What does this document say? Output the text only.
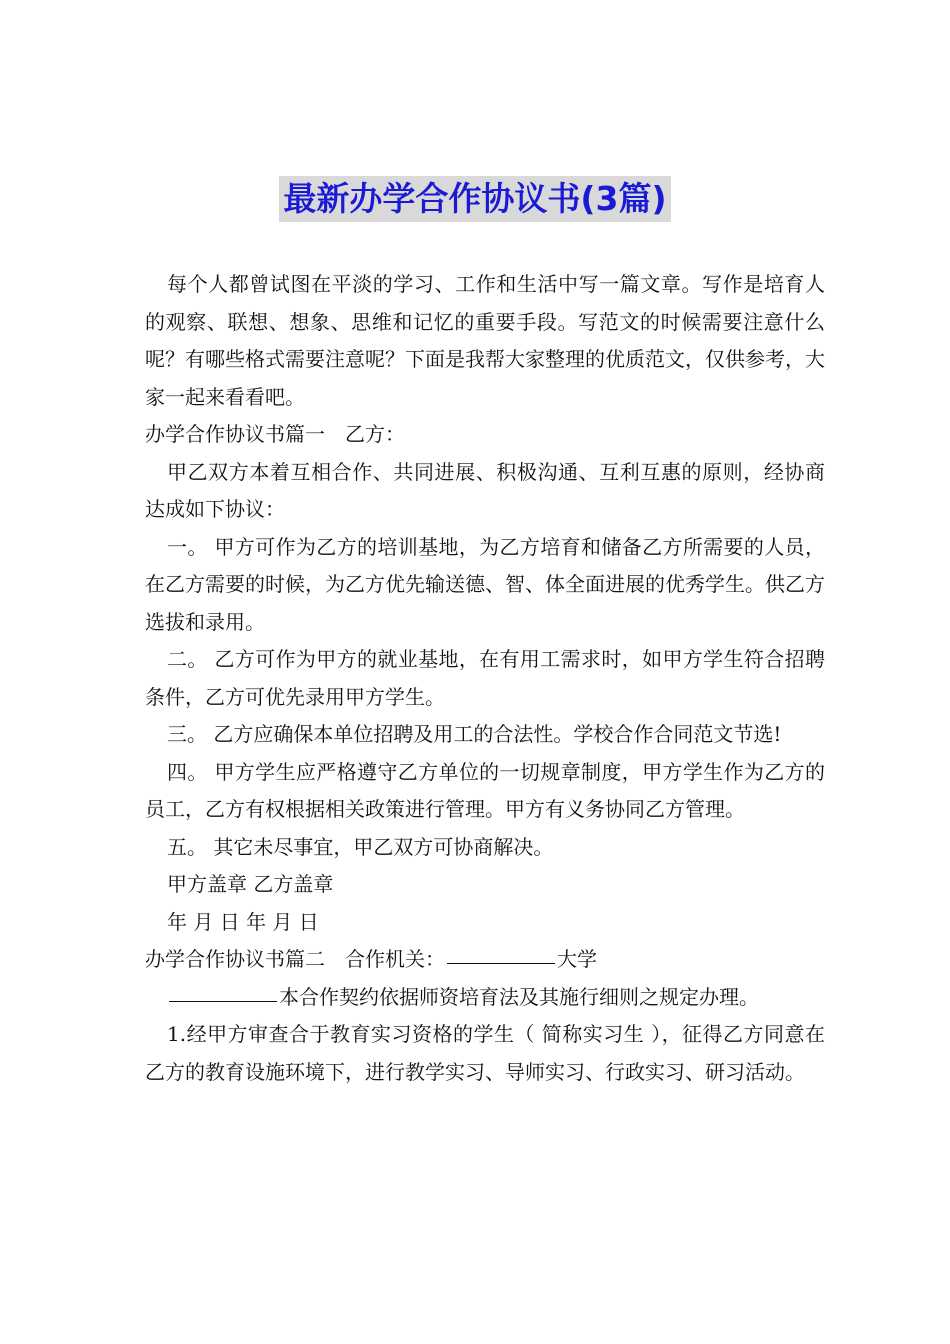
最新办学合作协议书(3篇)

每个人都曾试图在平淡的学习、工作和生活中写一篇文章。写作是培育人的观察、联想、想象、思维和记忆的重要手段。写范文的时候需要注意什么呢？有哪些格式需要注意呢？下面是我帮大家整理的优质范文，仅供参考，大家一起来看看吧。

办学合作协议书篇一 乙方：

甲乙双方本着互相合作、共同进展、积极沟通、互利互惠的原则，经协商达成如下协议：

一。 甲方可作为乙方的培训基地，为乙方培育和储备乙方所需要的人员，在乙方需要的时候，为乙方优先输送德、智、体全面进展的优秀学生。供乙方选拔和录用。

二。 乙方可作为甲方的就业基地，在有用工需求时，如甲方学生符合招聘条件，乙方可优先录用甲方学生。

三。 乙方应确保本单位招聘及用工的合法性。学校合作合同范文节选!

四。 甲方学生应严格遵守乙方单位的一切规章制度，甲方学生作为乙方的员工，乙方有权根据相关政策进行管理。甲方有义务协同乙方管理。

五。 其它未尽事宜，甲乙双方可协商解决。

甲方盖章 乙方盖章

年 月 日 年 月 日

办学合作协议书篇二 合作机关：	大学

本合作契约依据师资培育法及其施行细则之规定办理。

1.经甲方审查合于教育实习资格的学生（ 简称实习生 ），征得乙方同意在乙方的教育设施环境下，进行教学实习、导师实习、行政实习、研习活动。
